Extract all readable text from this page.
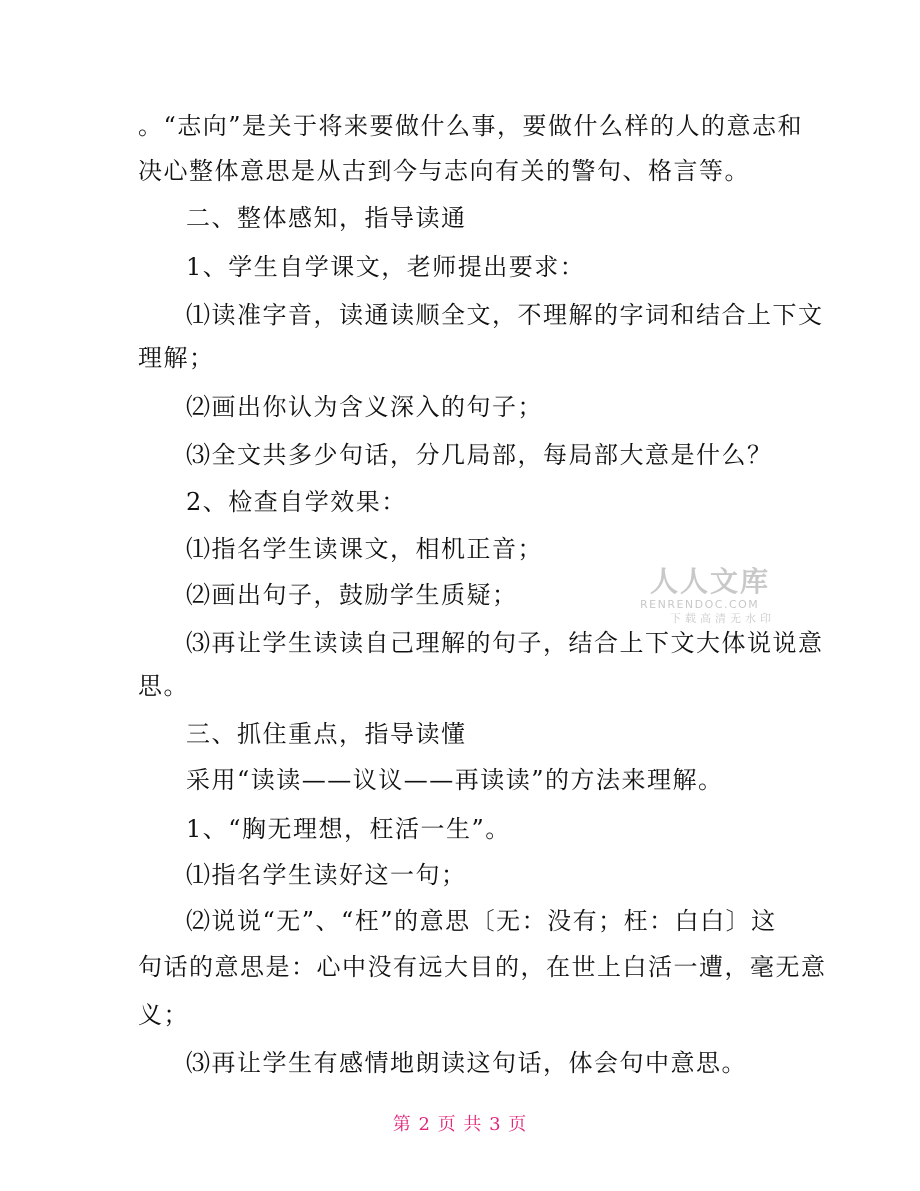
。“志向”是关于将来要做什么事，要做什么样的人的意志和
决心整体意思是从古到今与志向有关的警句、格言等。
二、整体感知，指导读通
1、学生自学课文，老师提出要求：
⑴读准字音，读通读顺全文，不理解的字词和结合上下文
理解；
⑵画出你认为含义深入的句子；
⑶全文共多少句话，分几局部，每局部大意是什么？
2、检查自学效果：
⑴指名学生读课文，相机正音；
⑵画出句子，鼓励学生质疑；
⑶再让学生读读自己理解的句子，结合上下文大体说说意
思。
三、抓住重点，指导读懂
采用“读读——议议——再读读”的方法来理解。
1、“胸无理想，枉活一生”。
⑴指名学生读好这一句；
⑵说说“无”、“枉”的意思〔无：没有；枉：白白〕这
句话的意思是：心中没有远大目的，在世上白活一遭，毫无意
义；
⑶再让学生有感情地朗读这句话，体会句中意思。
人人文库
RENRENDOC.COM
下载高清无水印
第 2 页 共 3 页
